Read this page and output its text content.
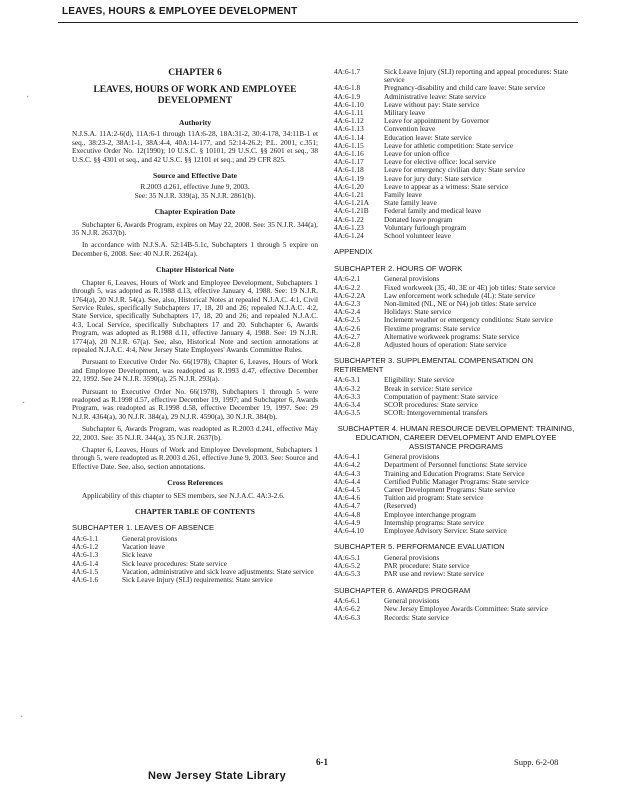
LEAVES, HOURS & EMPLOYEE DEVELOPMENT
·
·
·
CHAPTER 6
LEAVES, HOURS OF WORK AND EMPLOYEE DEVELOPMENT
Authority

N.J.S.A. 11A:2-6(d), 11A:6-1 through 11A:6-28, 18A:31-2, 30:4-178, 34:11B-1 et seq., 38:23-2, 38A:1-1, 38A:4-4, 40A:14-177, and 52:14-26.2; P.L. 2001, c.351; Executive Order No. 12(1990); 10 U.S.C. § 10101, 29 U.S.C. §§ 2601 et seq., 38 U.S.C. §§ 4301 et seq., and 42 U.S.C. §§ 12101 et seq.; and 29 CFR 825.

Source and Effective Date
R.2003 d.261, effective June 9, 2003.
See: 35 N.J.R. 339(a), 35 N.J.R. 2861(b).
Chapter Expiration Date

Subchapter 6, Awards Program, expires on May 22, 2008. See: 35 N.J.R. 344(a), 35 N.J.R. 2637(b).

In accordance with N.J.S.A. 52:14B-5.1c, Subchapters 1 through 5 expire on December 6, 2008. See: 40 N.J.R. 2624(a).

Chapter Historical Note

Chapter 6, Leaves, Hours of Work and Employee Development, Subchapters 1 through 5, was adopted as R.1988 d.13, effective January 4, 1988. See: 19 N.J.R. 1764(a), 20 N.J.R. 54(a). See, also, Historical Notes at repealed N.J.A.C. 4:1, Civil Service Rules, specifically Subchapters 17, 18, 20 and 26; repealed N.J.A.C. 4:2, State Service, specifically Subchapters 17, 18, 20 and 26; and repealed N.J.A.C. 4:3, Local Service, specifically Subchapters 17 and 20. Subchapter 6, Awards Program, was adopted as R.1988 d.11, effective January 4, 1988. See: 19 N.J.R. 1774(a), 20 N.J.R. 67(a). See, also, Historical Note and section annotations at repealed N.J.A.C. 4:4, New Jersey State Employees' Awards Committee Rules.

Pursuant to Executive Order No. 66(1978), Chapter 6, Leaves, Hours of Work and Employee Development, was readopted as R.1993 d.47, effective December 22, 1992. See 24 N.J.R. 3590(a), 25 N.J.R. 293(a).

Pursuant to Executive Order No. 66(1978), Subchapters 1 through 5 were readopted as R.1998 d.57, effective December 19, 1997; and Subchapter 6, Awards Program, was readopted as R.1998 d.58, effective December 19, 1997. See: 29 N.J.R. 4364(a), 30 N.J.R. 384(a), 29 N.J.R. 4590(a), 30 N.J.R. 384(b).

Subchapter 6, Awards Program, was readopted as R.2003 d.241, effective May 22, 2003. See: 35 N.J.R. 344(a), 35 N.J.R. 2637(b).

Chapter 6, Leaves, Hours of Work and Employee Development, Subchapters 1 through 5, were readopted as R.2003 d.261, effective June 9, 2003. See: Source and Effective Date. See, also, section annotations.

Cross References

Applicability of this chapter to SES members, see N.J.A.C. 4A:3-2.6.

CHAPTER TABLE OF CONTENTS
SUBCHAPTER 1. LEAVES OF ABSENCE
4A:6-1.1	General provisions
4A:6-1.2	Vacation leave
4A:6-1.3	Sick leave
4A:6-1.4	Sick leave procedures: State service
4A:6-1.5	Vacation, administrative and sick leave adjustments: State service
4A:6-1.6	Sick Leave Injury (SLI) requirements: State service
4A:6-1.7	Sick Leave Injury (SLI) reporting and appeal procedures: State service
4A:6-1.8	Pregnancy-disability and child care leave: State service
4A:6-1.9	Administrative leave: State service
4A:6-1.10	Leave without pay: State service
4A:6-1.11	Military leave
4A:6-1.12	Leave for appointment by Governor
4A:6-1.13	Convention leave
4A:6-1.14	Education leave: State service
4A:6-1.15	Leave for athletic competition: State service
4A:6-1.16	Leave for union office
4A:6-1.17	Leave for elective office: local service
4A:6-1.18	Leave for emergency civilian duty: State service
4A:6-1.19	Leave for jury duty: State service
4A:6-1.20	Leave to appear as a witness: State service
4A:6-1.21	Family leave
4A:6-1.21A	State family leave
4A:6-1.21B	Federal family and medical leave
4A:6-1.22	Donated leave program
4A:6-1.23	Voluntary furlough program
4A:6-1.24	School volunteer leave
APPENDIX
SUBCHAPTER 2. HOURS OF WORK
4A:6-2.1	General provisions
4A:6-2.2	Fixed workweek (35, 40, 3E or 4E) job titles: State service
4A:6-2.2A	Law enforcement work schedule (4L): State service
4A:6-2.3	Non-limited (NL, NE or N4) job titles: State service
4A:6-2.4	Holidays: State service
4A:6-2.5	Inclement weather or emergency conditions: State service
4A:6-2.6	Flextime programs: State service
4A:6-2.7	Alternative workweek programs: State service
4A:6-2.8	Adjusted hours of operation: State service
SUBCHAPTER 3. SUPPLEMENTAL COMPENSATION ON RETIREMENT
4A:6-3.1	Eligibility: State service
4A:6-3.2	Break in service: State service
4A:6-3.3	Computation of payment: State service
4A:6-3.4	SCOR procedures: State service
4A:6-3.5	SCOR: Intergovernmental transfers
SUBCHAPTER 4. HUMAN RESOURCE DEVELOPMENT: TRAINING, EDUCATION, CAREER DEVELOPMENT AND EMPLOYEE ASSISTANCE PROGRAMS
4A:6-4.1	General provisions
4A:6-4.2	Department of Personnel functions: State service
4A:6-4.3	Training and Education Programs: State Service
4A:6-4.4	Certified Public Manager Programs: State service
4A:6-4.5	Career Development Programs: State service
4A:6-4.6	Tuition aid program: State service
4A:6-4.7	(Reserved)
4A:6-4.8	Employee interchange program
4A:6-4.9	Internship programs: State service
4A:6-4.10	Employee Advisory Service: State service
SUBCHAPTER 5. PERFORMANCE EVALUATION
4A:6-5.1	General provisions
4A:6-5.2	PAR procedure: State service
4A:6-5.3	PAR use and review: State service
SUBCHAPTER 6. AWARDS PROGRAM
4A:6-6.1	General provisions
4A:6-6.2	New Jersey Employee Awards Committee: State service
4A:6-6.3	Records: State service
6-1	Supp. 6-2-08
New Jersey State Library
